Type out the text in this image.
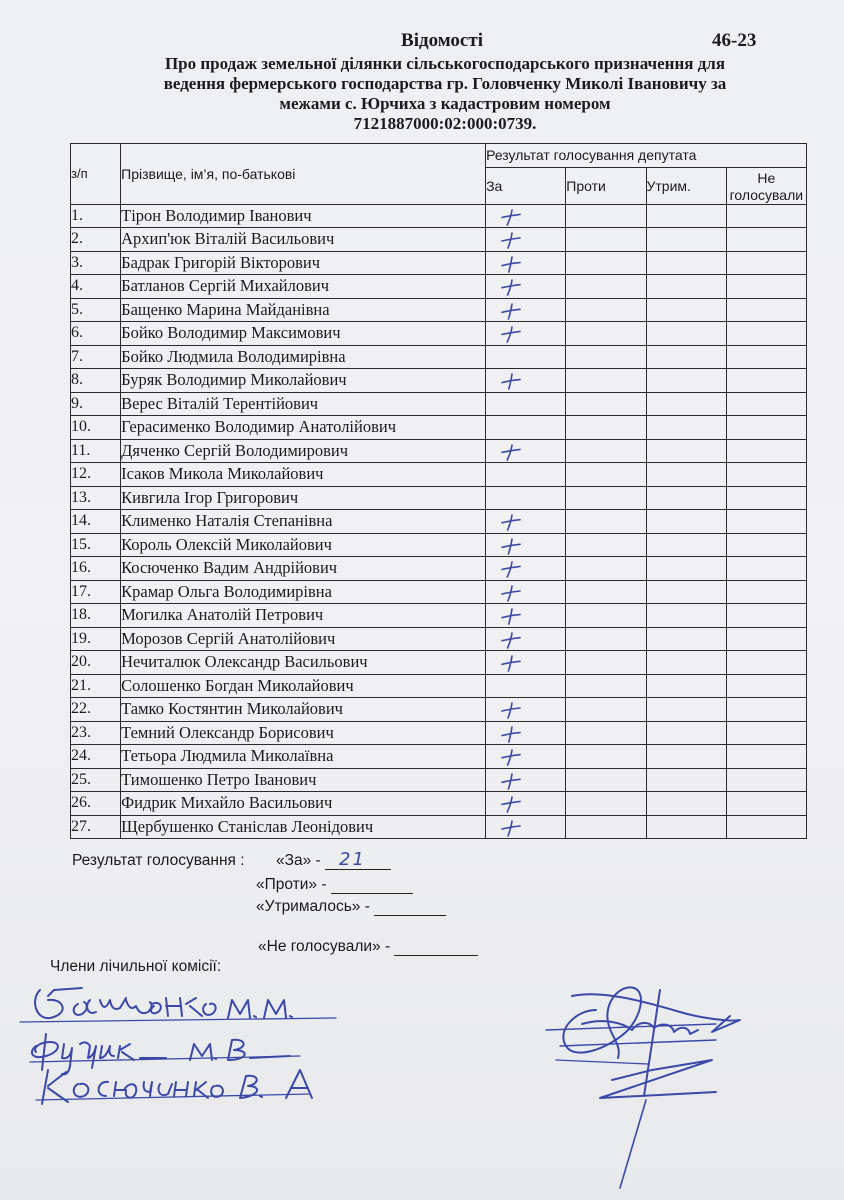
Відомості	46-23
Про продаж земельної ділянки сільськогосподарського призначення для
ведення фермерського господарства гр. Головченку Миколі Івановичу за
межами с. Юрчиха з кадастровим номером
7121887000:02:000:0739.
з/п	Прізвище, ім’я, по-батькові	Результат голосування депутата			
		За	Проти	Утрим.	Не голосували
1.	Тірон Володимир Іванович	

2.	Архип'юк Віталій Васильович	

3.	Бадрак Григорій Вікторович	

4.	Батланов Сергій Михайлович	

5.	Бащенко Марина Майданівна	

6.	Бойко Володимир Максимович	

7.	Бойко Людмила Володимирівна				
8.	Буряк Володимир Миколайович	

9.	Верес Віталій Терентійович				
10.	Герасименко Володимир Анатолійович				
11.	Дяченко Сергій Володимирович	

12.	Ісаков Микола Миколайович				
13.	Кивгила Ігор Григорович				
14.	Клименко Наталія Степанівна	

15.	Король Олексій Миколайович	

16.	Косюченко Вадим Андрійович	

17.	Крамар Ольга Володимирівна	

18.	Могилка Анатолій Петрович	

19.	Морозов Сергій Анатолійович	

20.	Нечиталюк Олександр Васильович	

21.	Солошенко Богдан Миколайович				
22.	Тамко Костянтин Миколайович	

23.	Темний Олександр Борисович	

24.	Тетьора Людмила Миколаївна	

25.	Тимошенко Петро Іванович	

26.	Фидрик Михайло Васильович	

27.	Щербушенко Станіслав Леонідович	

Результат голосування : «За» - 21
«Проти» -
«Утрималось» -
«Не голосували» -
Члени лічильної комісії:
